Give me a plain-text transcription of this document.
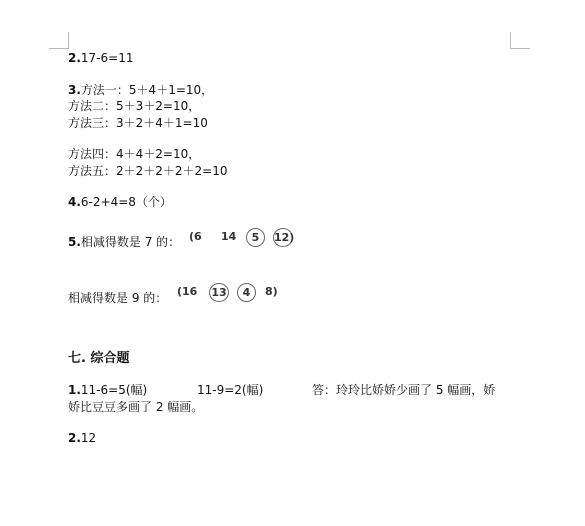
2.17-6=11
3.方法一：5＋4＋1=10，
方法二：5＋3＋2=10，
方法三：3＋2＋4＋1=10
方法四：4＋4＋2=10，
方法五：2＋2＋2＋2＋2=10
4.6-2+4=8（个）
5.相减得数是 7 的： (6 14	5	12)
相减得数是 9 的： (16 13	4	8)
七. 综合题
1.11-6=5(幅)	11-9=2(幅)	答：玲玲比娇娇少画了 5 幅画，娇
娇比豆豆多画了 2 幅画。
2.12
